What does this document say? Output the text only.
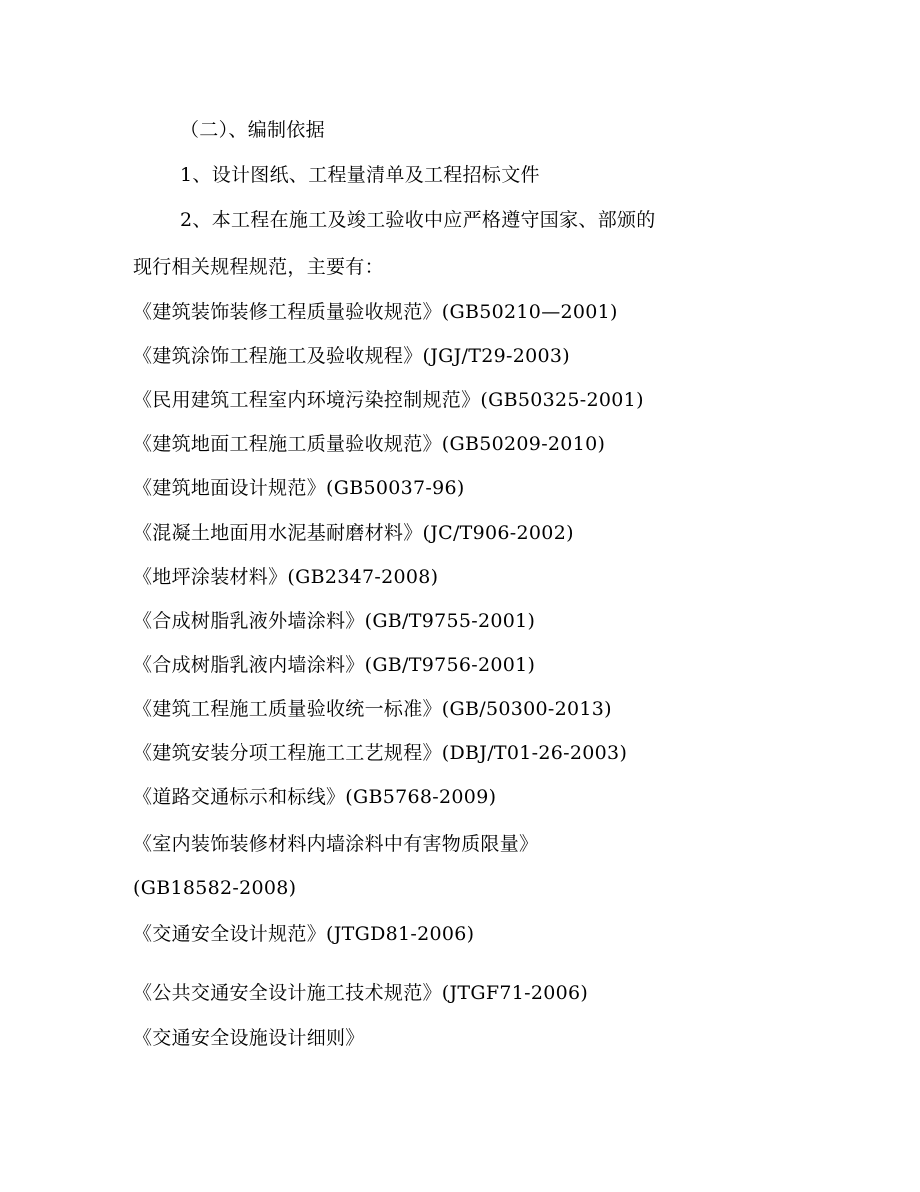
（二）、编制依据
1、设计图纸、工程量清单及工程招标文件
2、本工程在施工及竣工验收中应严格遵守国家、部颁的
现行相关规程规范，主要有：
《建筑装饰装修工程质量验收规范》(GB50210—2001)
《建筑涂饰工程施工及验收规程》(JGJ/T29-2003)
《民用建筑工程室内环境污染控制规范》(GB50325-2001)
《建筑地面工程施工质量验收规范》(GB50209-2010)
《建筑地面设计规范》(GB50037-96)
《混凝土地面用水泥基耐磨材料》(JC/T906-2002)
《地坪涂装材料》(GB2347-2008)
《合成树脂乳液外墙涂料》(GB/T9755-2001)
《合成树脂乳液内墙涂料》(GB/T9756-2001)
《建筑工程施工质量验收统一标准》(GB/50300-2013)
《建筑安装分项工程施工工艺规程》(DBJ/T01-26-2003)
《道路交通标示和标线》(GB5768-2009)
《室内装饰装修材料内墙涂料中有害物质限量》
(GB18582-2008)
《交通安全设计规范》(JTGD81-2006)
《公共交通安全设计施工技术规范》(JTGF71-2006)
《交通安全设施设计细则》
